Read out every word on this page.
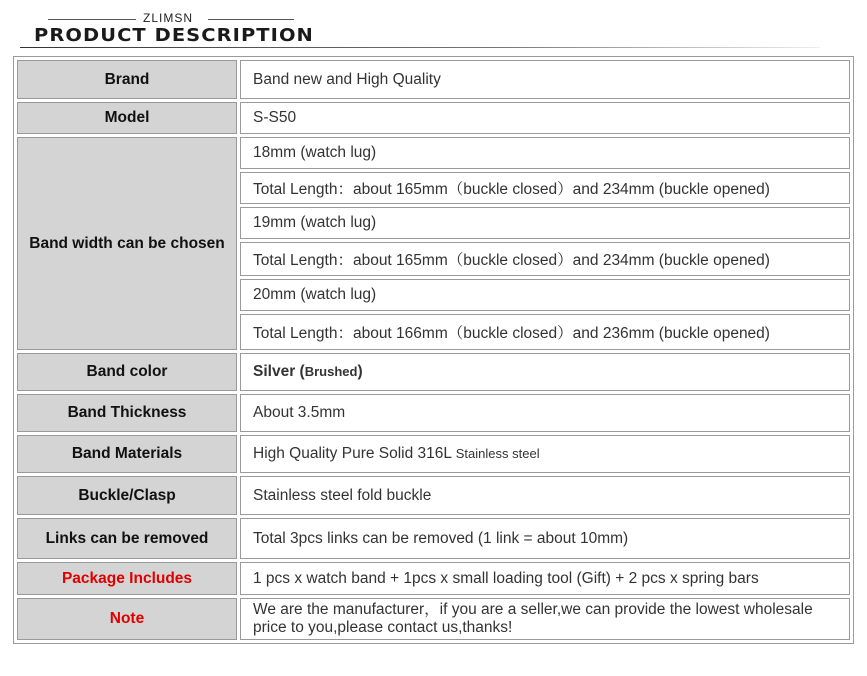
ZLIMSN
PRODUCT DESCRIPTION
Brand	Band new and High Quality
Model	S-S50
Band width can be chosen	18mm (watch lug)
	Total Length：about 165mm（buckle closed）and 234mm (buckle opened)
	19mm (watch lug)
	Total Length：about 165mm（buckle closed）and 234mm (buckle opened)
	20mm (watch lug)
	Total Length：about 166mm（buckle closed）and 236mm (buckle opened)
Band color	Silver (Brushed)
Band Thickness	About 3.5mm
Band Materials	High Quality Pure Solid 316L Stainless steel
Buckle/Clasp	Stainless steel fold buckle
Links can be removed	Total 3pcs links can be removed (1 link = about 10mm)
Package Includes	1 pcs x watch band + 1pcs x small loading tool (Gift) + 2 pcs x spring bars
Note	We are the manufacturer，if you are a seller,we can provide the lowest wholesale price to you,please contact us,thanks!
